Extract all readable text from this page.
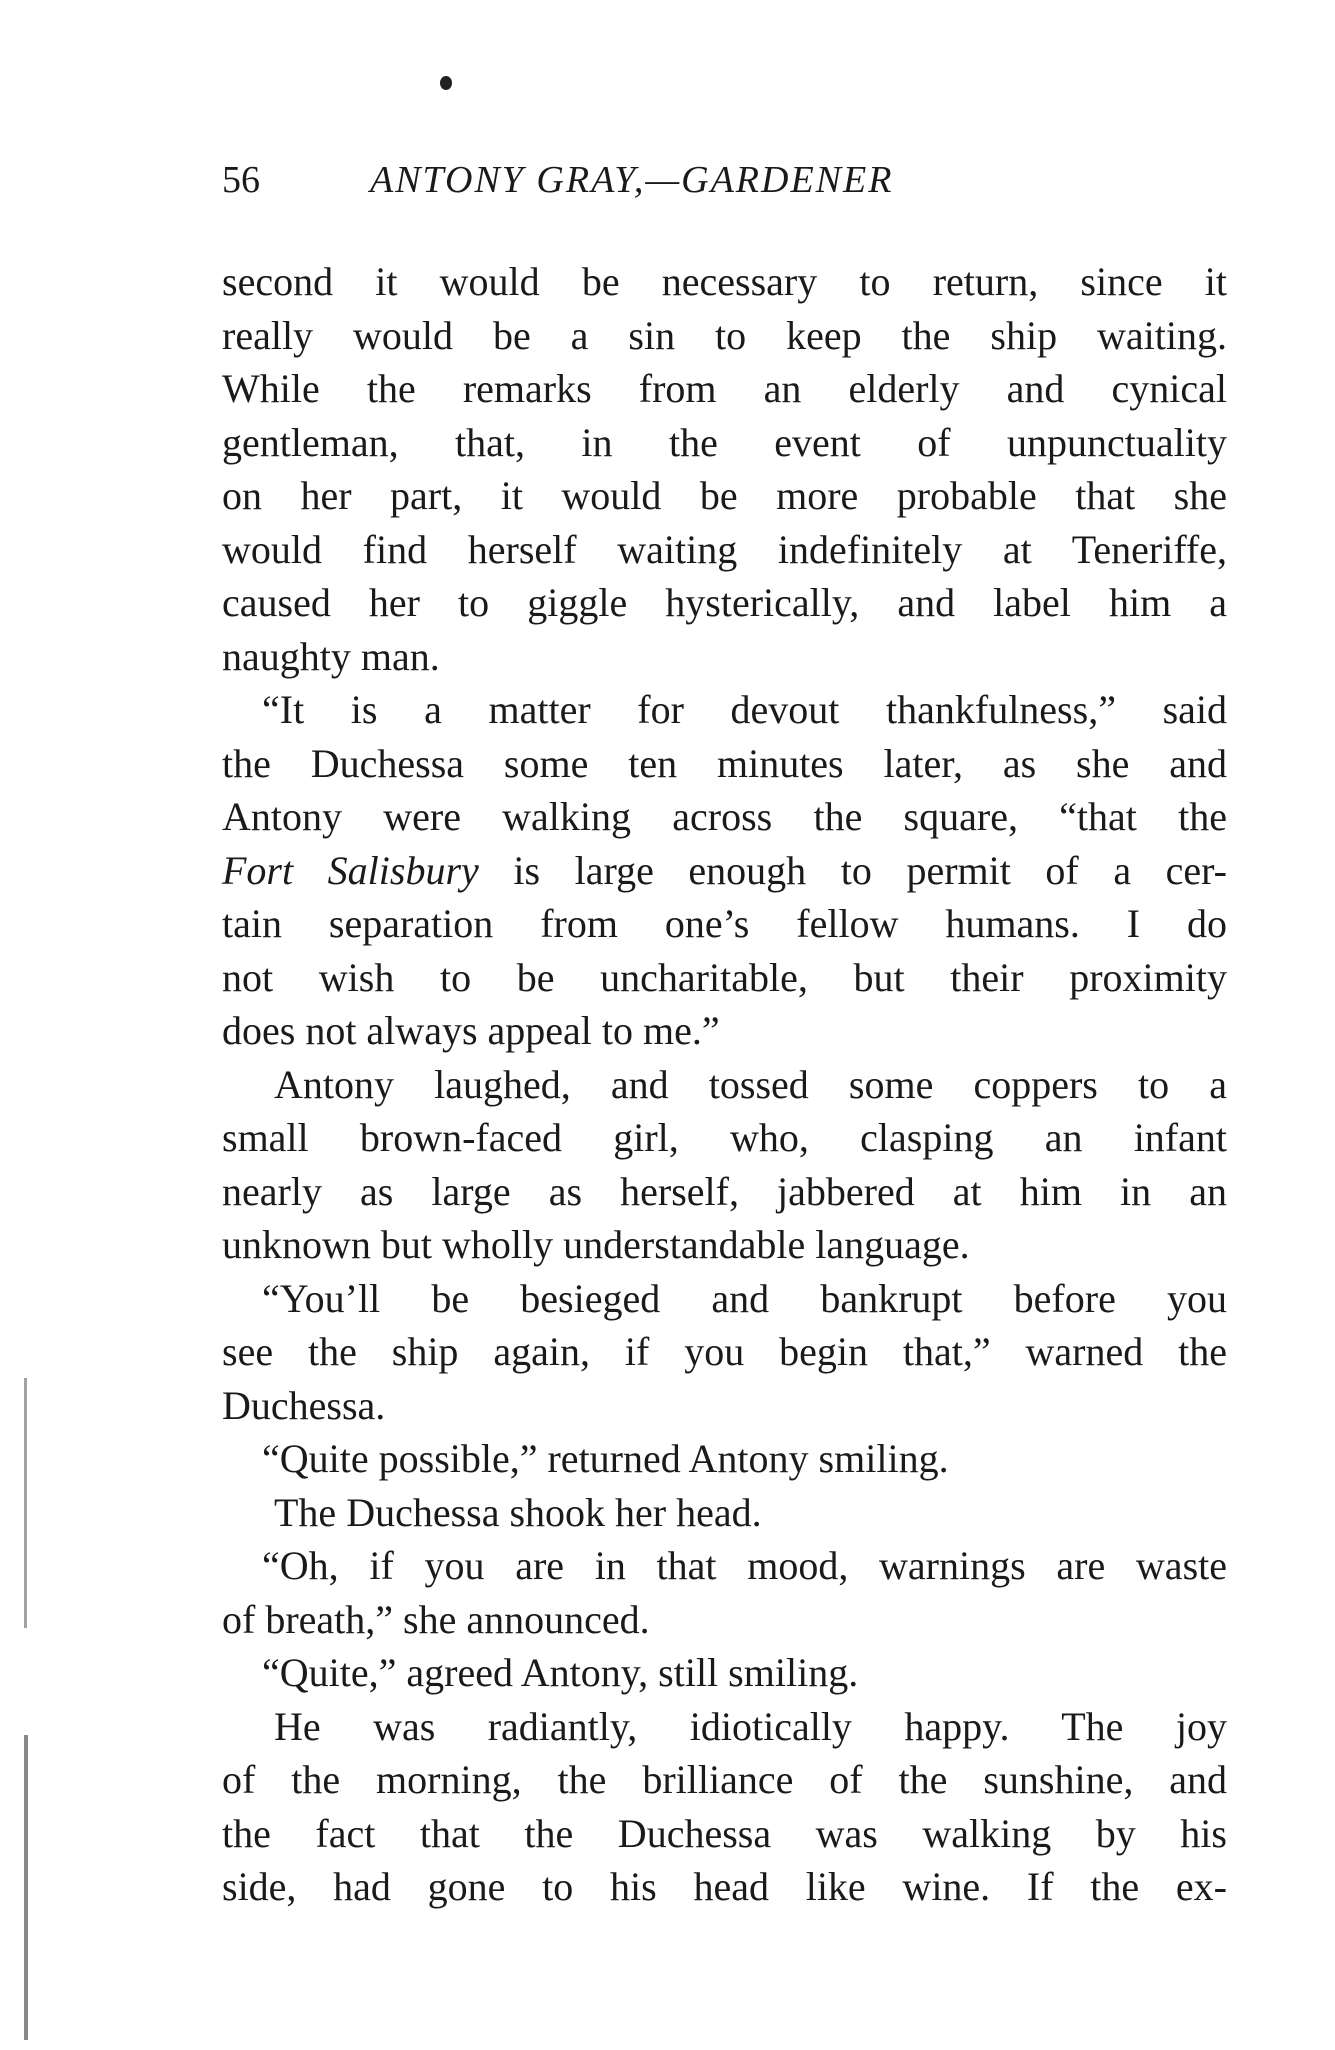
56	ANTONY GRAY,—GARDENER
second it would be necessary to return, since it
really would be a sin to keep the ship waiting.
While the remarks from an elderly and cynical
gentleman, that, in the event of unpunctuality
on her part, it would be more probable that she
would find herself waiting indefinitely at Teneriffe,
caused her to giggle hysterically, and label him a
naughty man.
“It is a matter for devout thankfulness,” said
the Duchessa some ten minutes later, as she and
Antony were walking across the square, “that the
Fort Salisbury is large enough to permit of a cer-
tain separation from one’s fellow humans. I do
not wish to be uncharitable, but their proximity
does not always appeal to me.”
Antony laughed, and tossed some coppers to a
small brown-faced girl, who, clasping an infant
nearly as large as herself, jabbered at him in an
unknown but wholly understandable language.
“You’ll be besieged and bankrupt before you
see the ship again, if you begin that,” warned the
Duchessa.
“Quite possible,” returned Antony smiling.
The Duchessa shook her head.
“Oh, if you are in that mood, warnings are waste
of breath,” she announced.
“Quite,” agreed Antony, still smiling.
He was radiantly, idiotically happy. The joy
of the morning, the brilliance of the sunshine, and
the fact that the Duchessa was walking by his
side, had gone to his head like wine. If the ex-
